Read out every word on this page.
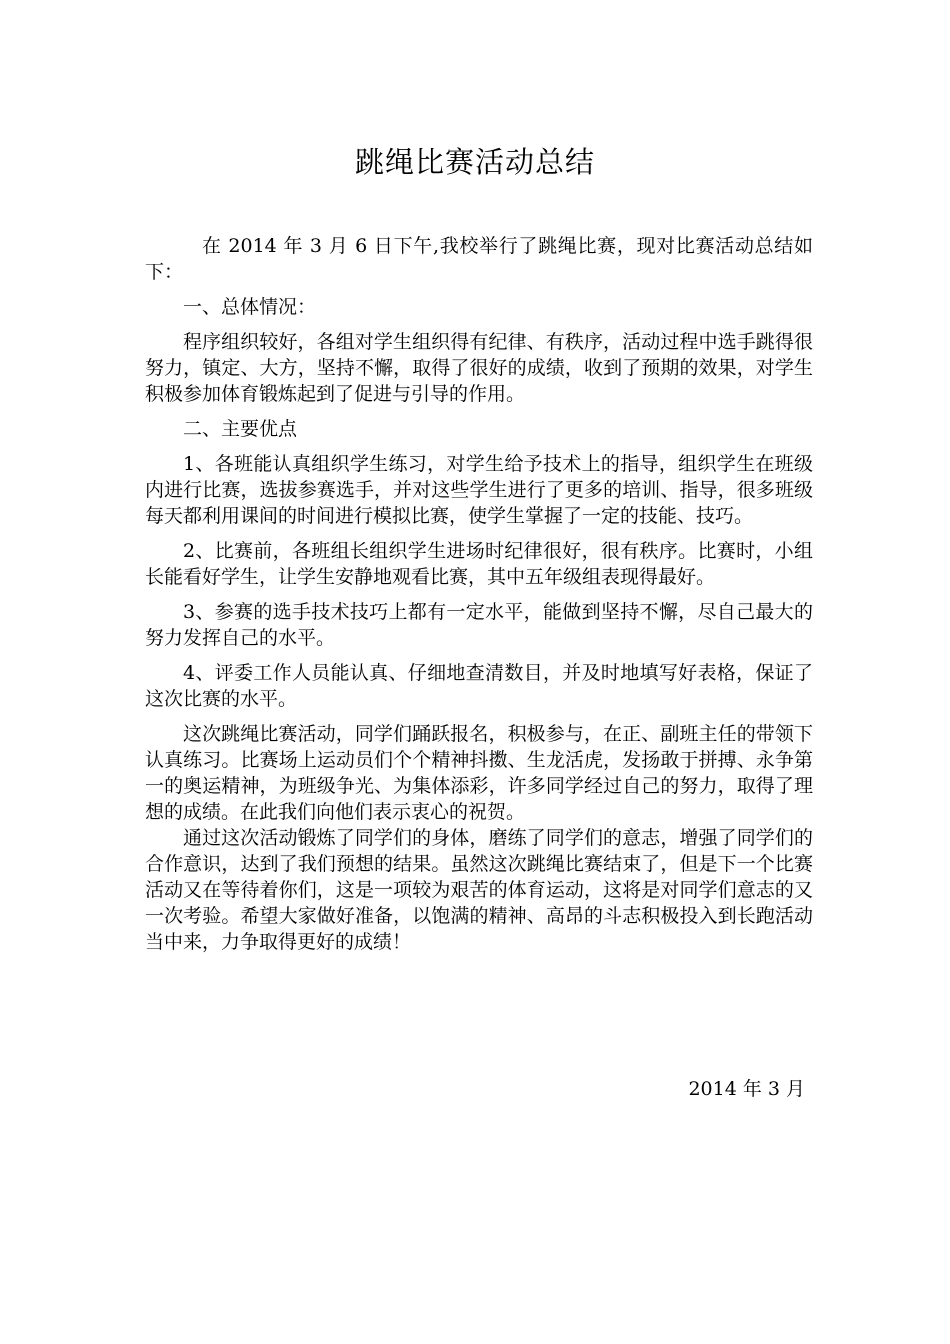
跳绳比赛活动总结

在 2014 年 3 月 6 日下午,我校举行了跳绳比赛，现对比赛活动总结如下：

一、总体情况：

程序组织较好，各组对学生组织得有纪律、有秩序，活动过程中选手跳得很努力，镇定、大方，坚持不懈，取得了很好的成绩，收到了预期的效果，对学生积极参加体育锻炼起到了促进与引导的作用。

二、主要优点

1、各班能认真组织学生练习，对学生给予技术上的指导，组织学生在班级内进行比赛，选拔参赛选手，并对这些学生进行了更多的培训、指导，很多班级每天都利用课间的时间进行模拟比赛，使学生掌握了一定的技能、技巧。

2、比赛前，各班组长组织学生进场时纪律很好，很有秩序。比赛时，小组长能看好学生，让学生安静地观看比赛，其中五年级组表现得最好。

3、参赛的选手技术技巧上都有一定水平，能做到坚持不懈，尽自己最大的努力发挥自己的水平。

4、评委工作人员能认真、仔细地查清数目，并及时地填写好表格，保证了这次比赛的水平。

这次跳绳比赛活动，同学们踊跃报名，积极参与，在正、副班主任的带领下认真练习。比赛场上运动员们个个精神抖擞、生龙活虎，发扬敢于拼搏、永争第一的奥运精神，为班级争光、为集体添彩，许多同学经过自己的努力，取得了理想的成绩。在此我们向他们表示衷心的祝贺。

通过这次活动锻炼了同学们的身体，磨练了同学们的意志，增强了同学们的合作意识，达到了我们预想的结果。虽然这次跳绳比赛结束了，但是下一个比赛活动又在等待着你们，这是一项较为艰苦的体育运动，这将是对同学们意志的又一次考验。希望大家做好准备，以饱满的精神、高昂的斗志积极投入到长跑活动当中来，力争取得更好的成绩！

2014 年 3 月
